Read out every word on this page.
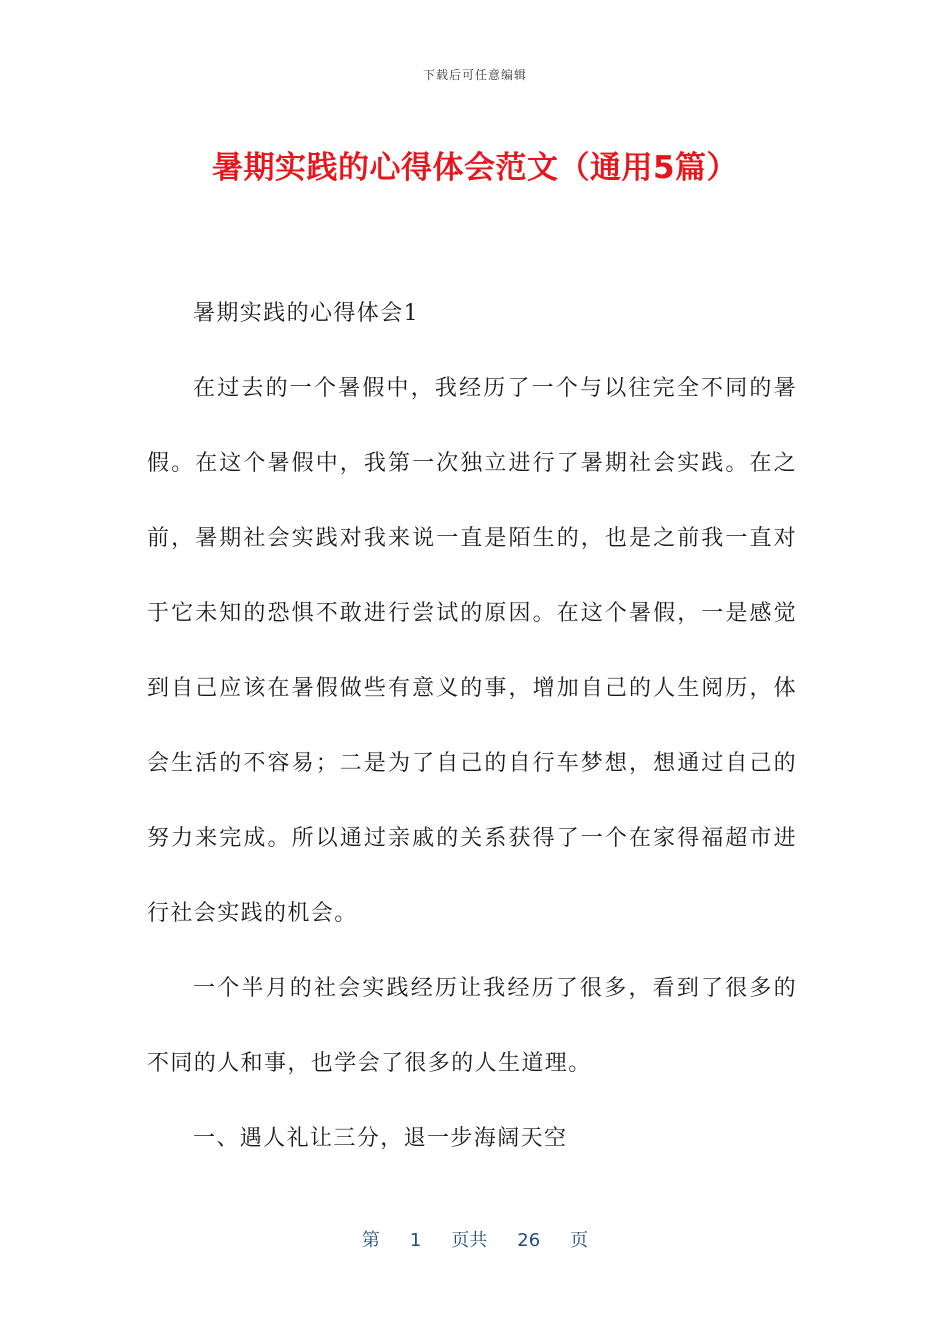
下载后可任意编辑
暑期实践的心得体会范文（通用5篇）

暑期实践的心得体会1

在过去的一个暑假中，我经历了一个与以往完全不同的暑假。在这个暑假中，我第一次独立进行了暑期社会实践。在之前，暑期社会实践对我来说一直是陌生的，也是之前我一直对于它未知的恐惧不敢进行尝试的原因。在这个暑假，一是感觉到自己应该在暑假做些有意义的事，增加自己的人生阅历，体会生活的不容易；二是为了自己的自行车梦想，想通过自己的努力来完成。所以通过亲戚的关系获得了一个在家得福超市进行社会实践的机会。

一个半月的社会实践经历让我经历了很多，看到了很多的不同的人和事，也学会了很多的人生道理。

一、遇人礼让三分，退一步海阔天空

第 1 页共 26 页
